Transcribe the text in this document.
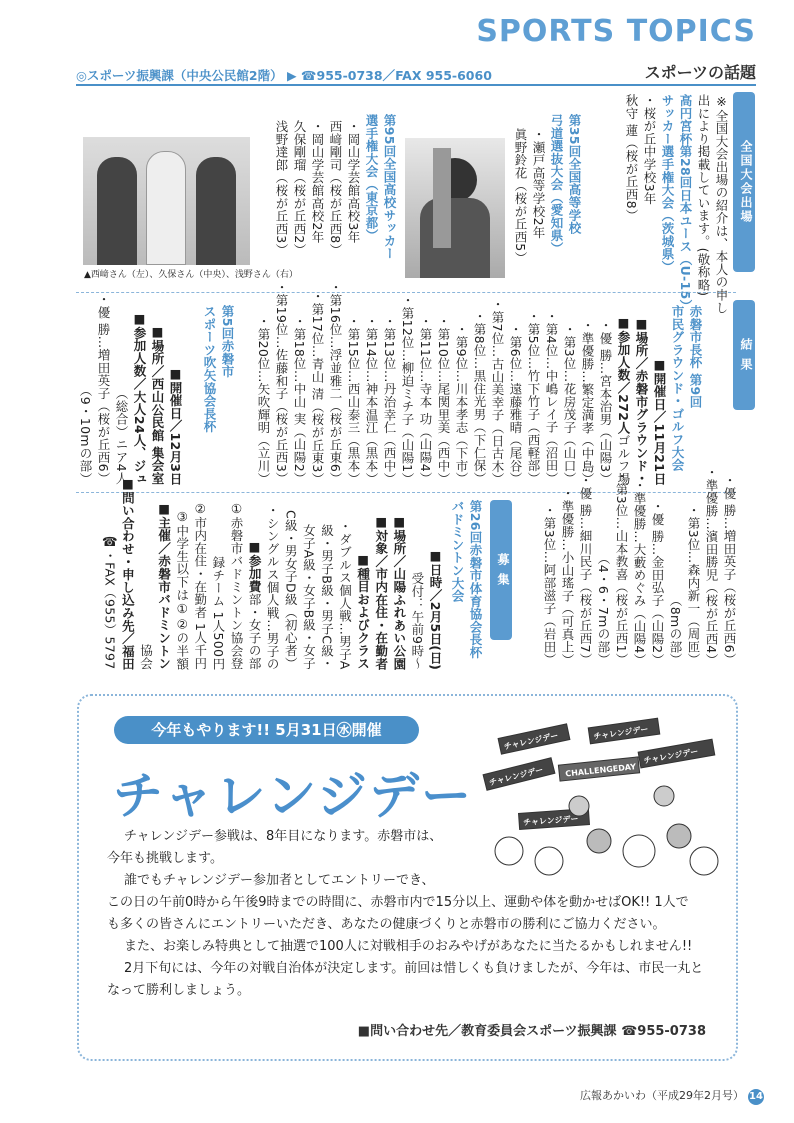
SPORTS TOPICS
スポーツの話題
◎スポーツ振興課（中央公民館2階） ▶ ☎955-0738／FAX 955-6060
全国大会出場
※全国大会出場の紹介は、本人の申し
出により掲載しています。(敬称略)
高円宮杯第28回日本ユース（U-15）
サッカー選手権大会（茨城県）
・桜が丘中学校3年
秋守 蓮（桜が丘西8）
第35回全国高等学校
弓道選抜大会（愛知県）
・瀬戸高等学校2年
眞野鈴花（桜が丘西5）
第95回全国高校サッカー
選手権大会（東京都）
・岡山学芸館高校3年
西﨑剛司（桜が丘西8）
・岡山学芸館高校2年
久保剛瑠（桜が丘西2）
浅野達郎（桜が丘西3）
▲西﨑さん（左）、久保さん（中央）、浅野さん（右）
結 果
赤磐市長杯 第9回
市民グラウンド・ゴルフ大会
■開催日／11月21日
■場所／赤磐市グラウンド・
ゴルフ場
■参加人数／272人
・優 勝…宮本治男（山陽3）
・準優勝…繁定満孝（中島）
・第3位…花房茂子（山口）
・第4位…中嶋レイ子（沼田）
・第5位…竹下竹子（西軽部）
・第6位…遠藤雅晴（尾谷）
・第7位…古山美幸子（日古木）
・第8位…黒住光男（下仁保）
・第9位…川本孝志（下市）
・第10位…尾関里美（西中）
・第11位…寺本 功（山陽4）
・第12位…柳迫ミチ子（山陽1）
・第13位…丹治幸仁（西中）
・第14位…神本温江（黒本）
・第15位…西山泰三（黒本）
・第16位…浮並雅二（桜が丘東6）
・第17位…青山 清（桜が丘東3）
・第18位…中山 実（山陽2）
・第19位…佐藤和子（桜が丘西3）
・第20位…矢吹輝明（立川）
第5回赤磐市
スポーツ吹矢協会長杯
■開催日／12月3日
■場所／西山公民館 集会室
■参加人数／大人24人、ジュ
ニア4人
（総合）
・優 勝…増田英子（桜が丘西6）
（9・10mの部）
・優 勝…増田英子（桜が丘西6）
・準優勝…濱田勝児（桜が丘西4）
・第3位…森内新一（周匝）
（8mの部）
・優 勝…金田弘子（山陽2）
・準優勝…大藪めぐみ（山陽4）
・第3位…山本教喜（桜が丘西1）
（4・6・7mの部）
・優 勝…細川民子（桜が丘西7）
・準優勝…小山瑤子（可真上）
・第3位…阿部滋子（岩田）
募 集
第26回赤磐市体育協会長杯
バドミントン大会
■日時／2月5日(日)
受付：午前9時〜
■場所／山陽ふれあい公園
■対象／市内在住・在勤者
■種目およびクラス
・ダブルス個人戦…男子A
級・男子B級・男子C級・
女子A級・女子B級・女子
C級・男女子D級（初心者）
・シングルス個人戦…男子の
部・女子の部
■参加費
①赤磐市バドミントン協会登
録チーム 1人500円
②市内在住・在勤者 1人千円
③中学生以下は①②の半額
■主催／赤磐市バドミントン
協会
■問い合わせ・申し込み先／福田
☎・FAX（955）5797
今年もやります!! 5月31日㊌開催
チャレンジデー
チャレンジデー	チャレンジデー
チャレンジデー
チャレンジデー	CHALLENGEDAY
チャレンジデー
チャレンジデー参戦は、8年目になります。赤磐市は、
今年も挑戦します。
誰でもチャレンジデー参加者としてエントリーでき、
この日の午前0時から午後9時までの時間に、赤磐市内で15分以上、運動や体を動かせばOK!! 1人で
も多くの皆さんにエントリーいただき、あなたの健康づくりと赤磐市の勝利にご協力ください。
また、お楽しみ特典として抽選で100人に対戦相手のおみやげがあなたに当たるかもしれません!!
2月下旬には、今年の対戦自治体が決定します。前回は惜しくも負けましたが、今年は、市民一丸と
なって勝利しましょう。
■問い合わせ先／教育委員会スポーツ振興課 ☎955-0738
広報あかいわ（平成29年2月号） 14
